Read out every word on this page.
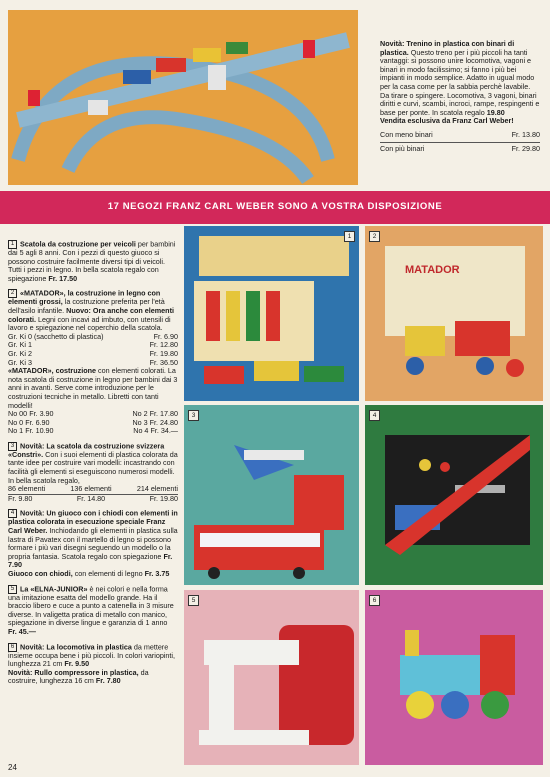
Novità: Trenino in plastica con binari di plastica. Questo treno per i più piccoli ha tanti vantaggi: si possono unire locomotiva, vagoni e binari in modo facilissimo; si fanno i più bei impianti in modo semplice. Adatto in ugual modo per la casa come per la sabbia perchè lavabile. Da tirare o spingere. Locomotiva, 3 vagoni, binari diritti e curvi, scambi, incroci, rampe, respingenti e base per ponte. In scatola regalo 19.80
Vendita esclusiva da Franz Carl Weber!
Con meno binari	Fr. 13.80
Con più binari	Fr. 29.80
17 NEGOZI FRANZ CARL WEBER SONO A VOSTRA DISPOSIZIONE
1 Scatola da costruzione per veicoli per bambini dai 5 agli 8 anni. Con i pezzi di questo giuoco si possono costruire facilmente diversi tipi di veicoli. Tutti i pezzi in legno. In bella scatola regalo con spiegazione Fr. 17.50
2 «MATADOR», la costruzione in legno con elementi grossi, la costruzione preferita per l'età dell'asilo infantile. Nuovo: Ora anche con elementi colorati. Legni con incavi ad imbuto, con utensili di lavoro e spiegazione nel coperchio della scatola.
Gr. Ki 0 (sacchetto di plastica)	Fr. 6.90
Gr. Ki 1	Fr. 12.80
Gr. Ki 2	Fr. 19.80
Gr. Ki 3	Fr. 36.50
«MATADOR», costruzione con elementi colorati. La nota scatola di costruzione in legno per bambini dai 3 anni in avanti. Serve come introduzione per le costruzioni tecniche in metallo. Libretti con tanti modelli!
No 00 Fr. 3.90	No 2 Fr. 17.80
No 0 Fr. 6.90	No 3 Fr. 24.80
No 1 Fr. 10.90	No 4 Fr. 34.—
3 Novità: La scatola da costruzione svizzera «Constri». Con i suoi elementi di plastica colorata da tante idee per costruire vari modelli: incastrando con facilità gli elementi si eseguiscono numerosi modelli. In bella scatola regalo,
86 elementi	136 elementi	214 elementi
Fr. 9.80	Fr. 14.80	Fr. 19.80
4 Novità: Un giuoco con i chiodi con elementi in plastica colorata in esecuzione speciale Franz Carl Weber. Inchiodando gli elementi in plastica sulla lastra di Pavatex con il martello di legno si possono formare i più vari disegni seguendo un modello o la propria fantasia. Scatola regalo con spiegazione Fr. 7.90
Giuoco con chiodi, con elementi di legno Fr. 3.75
5 La «ELNA-JUNIOR» è nei colori e nella forma una imitazione esatta del modello grande. Ha il braccio libero e cuce a punto a catenella in 3 misure diverse. In valigetta pratica di metallo con manico, spiegazione in diverse lingue e garanzia di 1 anno Fr. 45.—
6 Novità: La locomotiva in plastica da mettere insieme occupa bene i più piccoli. In colori variopinti, lunghezza 21 cm Fr. 9.50
Novità: Rullo compressore in plastica, da costruire, lunghezza 16 cm Fr. 7.80
1
MATADOR
2
3	4
5	6
24
